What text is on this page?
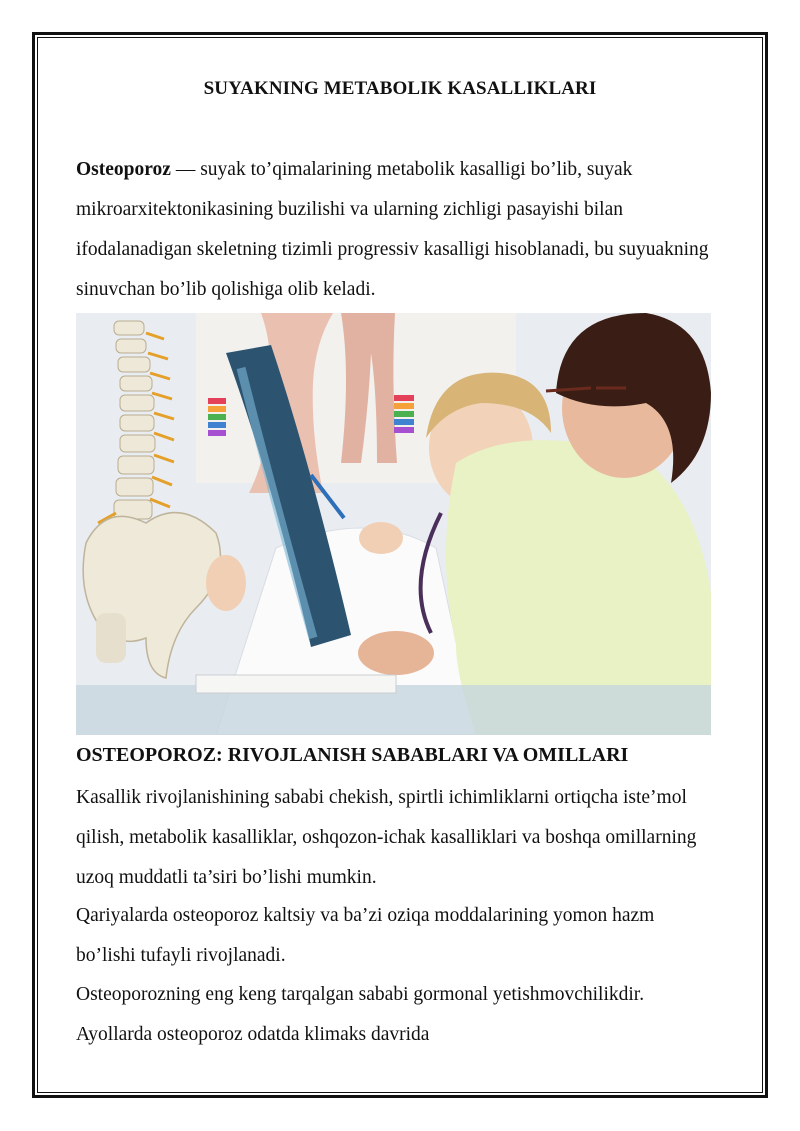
SUYAKNING METABOLIK KASALLIKLARI

Osteoporoz — suyak to’qimalarining metabolik kasalligi bo’lib, suyak mikroarxitektonikasining buzilishi va ularning zichligi pasayishi bilan ifodalanadigan skeletning tizimli progressiv kasalligi hisoblanadi, bu suyuakning sinuvchan bo’lib qolishiga olib keladi.

OSTEOPOROZ: RIVOJLANISH SABABLARI VA OMILLARI

Kasallik rivojlanishining sababi chekish, spirtli ichimliklarni ortiqcha iste’mol qilish, metabolik kasalliklar, oshqozon-ichak kasalliklari va boshqa omillarning uzoq muddatli ta’siri bo’lishi mumkin.

Qariyalarda osteoporoz kaltsiy va ba’zi oziqa moddalarining yomon hazm bo’lishi tufayli rivojlanadi.

Osteoporozning eng keng tarqalgan sababi gormonal yetishmovchilikdir. Ayollarda osteoporoz odatda klimaks davrida
